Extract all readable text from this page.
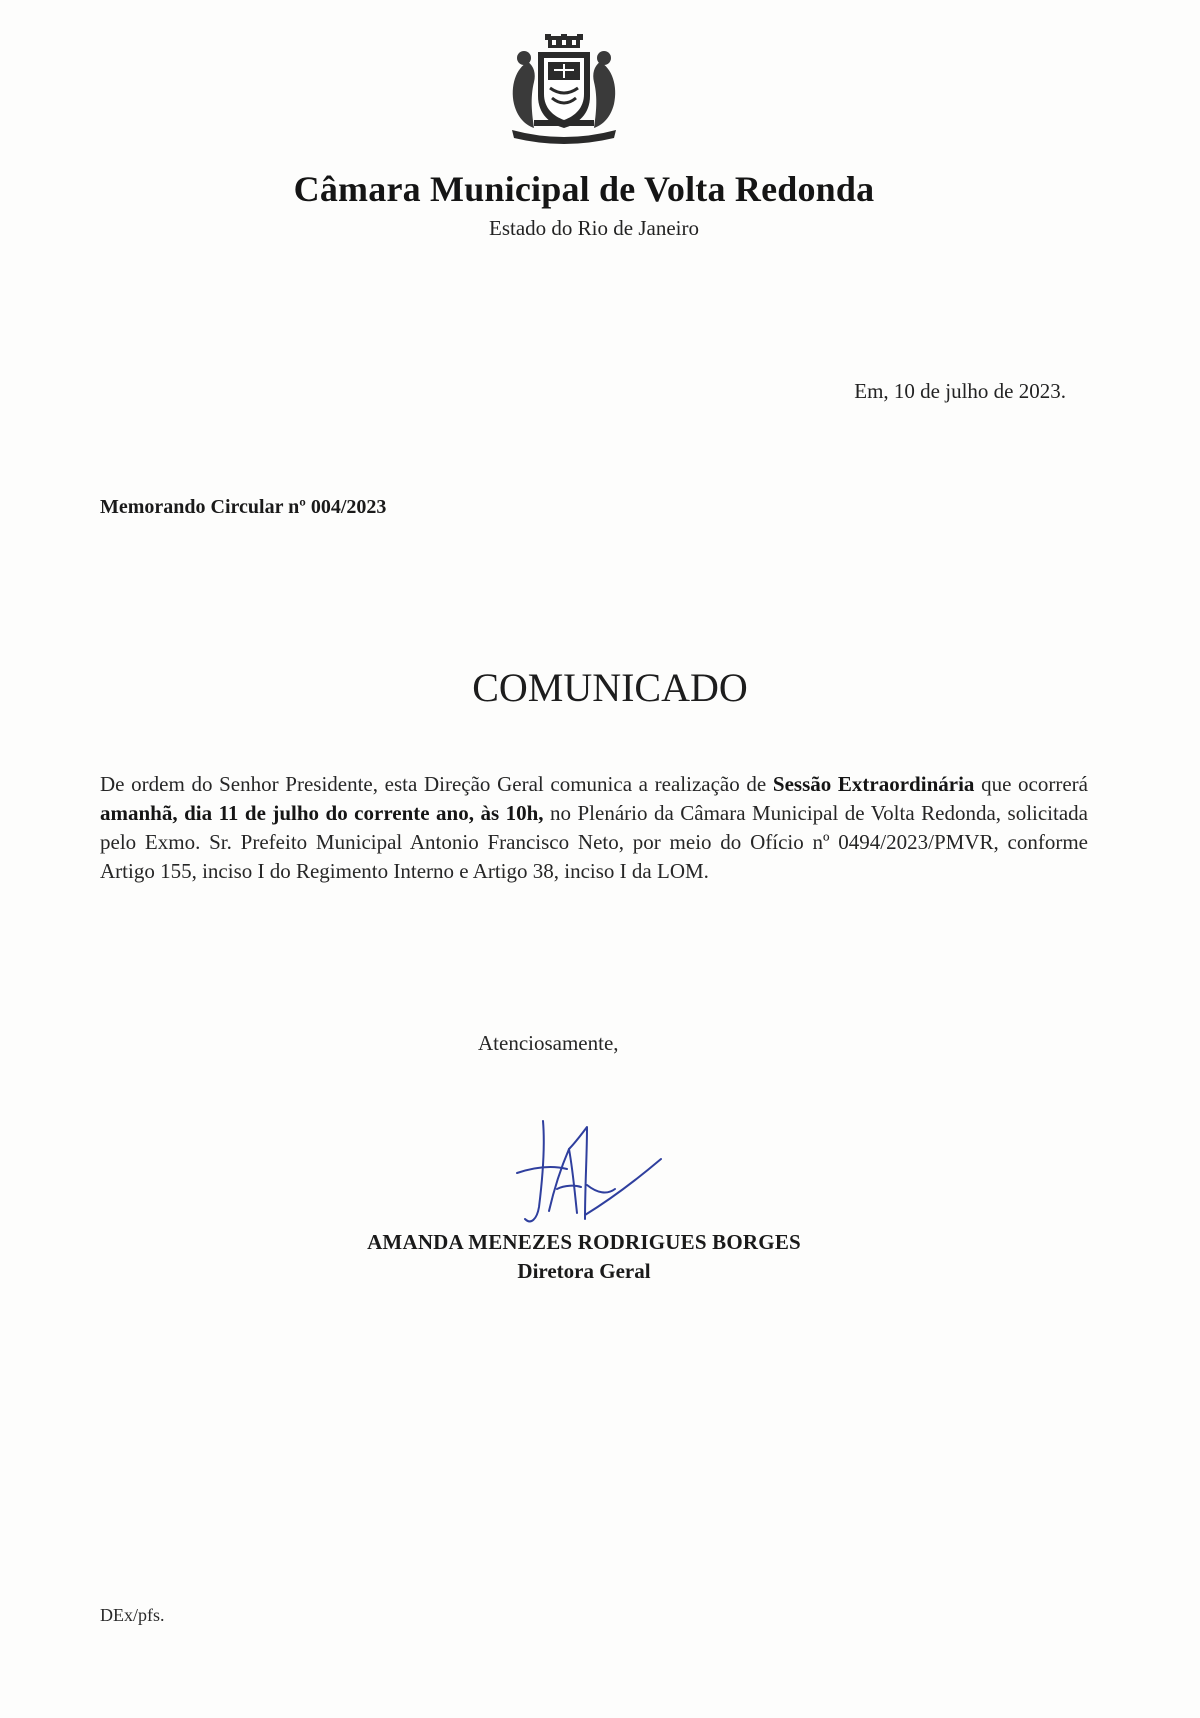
Câmara Municipal de Volta Redonda
Estado do Rio de Janeiro
Em, 10 de julho de 2023.
Memorando Circular nº 004/2023
COMUNICADO
De ordem do Senhor Presidente, esta Direção Geral comunica a realização de Sessão Extraordinária que ocorrerá amanhã, dia 11 de julho do corrente ano, às 10h, no Plenário da Câmara Municipal de Volta Redonda, solicitada pelo Exmo. Sr. Prefeito Municipal Antonio Francisco Neto, por meio do Ofício nº 0494/2023/PMVR, conforme Artigo 155, inciso I do Regimento Interno e Artigo 38, inciso I da LOM.
Atenciosamente,
AMANDA MENEZES RODRIGUES BORGES
Diretora Geral
DEx/pfs.
